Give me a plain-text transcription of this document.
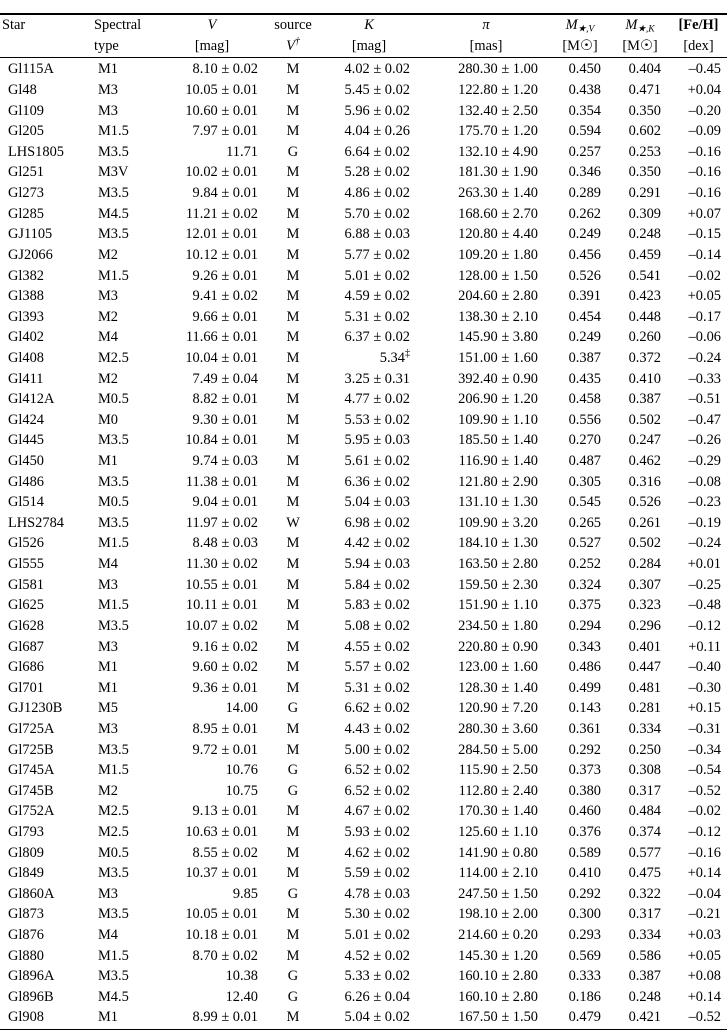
Star	Spectral	V	source	K	π	$M_{★,V}$	$M_{★,K}$	[Fe/H]
	type	[mag]	V†	[mag]	[mas]	[M☉]	[M☉]	[dex]
Gl115A	M1	8.10 ± 0.02	M	4.02 ± 0.02	280.30 ± 1.00	0.450	0.404	–0.45
Gl48	M3	10.05 ± 0.01	M	5.45 ± 0.02	122.80 ± 1.20	0.438	0.471	+0.04
Gl109	M3	10.60 ± 0.01	M	5.96 ± 0.02	132.40 ± 2.50	0.354	0.350	–0.20
Gl205	M1.5	7.97 ± 0.01	M	4.04 ± 0.26	175.70 ± 1.20	0.594	0.602	–0.09
LHS1805	M3.5	11.71	G	6.64 ± 0.02	132.10 ± 4.90	0.257	0.253	–0.16
Gl251	M3V	10.02 ± 0.01	M	5.28 ± 0.02	181.30 ± 1.90	0.346	0.350	–0.16
Gl273	M3.5	9.84 ± 0.01	M	4.86 ± 0.02	263.30 ± 1.40	0.289	0.291	–0.16
Gl285	M4.5	11.21 ± 0.02	M	5.70 ± 0.02	168.60 ± 2.70	0.262	0.309	+0.07
GJ1105	M3.5	12.01 ± 0.01	M	6.88 ± 0.03	120.80 ± 4.40	0.249	0.248	–0.15
GJ2066	M2	10.12 ± 0.01	M	5.77 ± 0.02	109.20 ± 1.80	0.456	0.459	–0.14
Gl382	M1.5	9.26 ± 0.01	M	5.01 ± 0.02	128.00 ± 1.50	0.526	0.541	–0.02
Gl388	M3	9.41 ± 0.02	M	4.59 ± 0.02	204.60 ± 2.80	0.391	0.423	+0.05
Gl393	M2	9.66 ± 0.01	M	5.31 ± 0.02	138.30 ± 2.10	0.454	0.448	–0.17
Gl402	M4	11.66 ± 0.01	M	6.37 ± 0.02	145.90 ± 3.80	0.249	0.260	–0.06
Gl408	M2.5	10.04 ± 0.01	M	5.34‡	151.00 ± 1.60	0.387	0.372	–0.24
Gl411	M2	7.49 ± 0.04	M	3.25 ± 0.31	392.40 ± 0.90	0.435	0.410	–0.33
Gl412A	M0.5	8.82 ± 0.01	M	4.77 ± 0.02	206.90 ± 1.20	0.458	0.387	–0.51
Gl424	M0	9.30 ± 0.01	M	5.53 ± 0.02	109.90 ± 1.10	0.556	0.502	–0.47
Gl445	M3.5	10.84 ± 0.01	M	5.95 ± 0.03	185.50 ± 1.40	0.270	0.247	–0.26
Gl450	M1	9.74 ± 0.03	M	5.61 ± 0.02	116.90 ± 1.40	0.487	0.462	–0.29
Gl486	M3.5	11.38 ± 0.01	M	6.36 ± 0.02	121.80 ± 2.90	0.305	0.316	–0.08
Gl514	M0.5	9.04 ± 0.01	M	5.04 ± 0.03	131.10 ± 1.30	0.545	0.526	–0.23
LHS2784	M3.5	11.97 ± 0.02	W	6.98 ± 0.02	109.90 ± 3.20	0.265	0.261	–0.19
Gl526	M1.5	8.48 ± 0.03	M	4.42 ± 0.02	184.10 ± 1.30	0.527	0.502	–0.24
Gl555	M4	11.30 ± 0.02	M	5.94 ± 0.03	163.50 ± 2.80	0.252	0.284	+0.01
Gl581	M3	10.55 ± 0.01	M	5.84 ± 0.02	159.50 ± 2.30	0.324	0.307	–0.25
Gl625	M1.5	10.11 ± 0.01	M	5.83 ± 0.02	151.90 ± 1.10	0.375	0.323	–0.48
Gl628	M3.5	10.07 ± 0.02	M	5.08 ± 0.02	234.50 ± 1.80	0.294	0.296	–0.12
Gl687	M3	9.16 ± 0.02	M	4.55 ± 0.02	220.80 ± 0.90	0.343	0.401	+0.11
Gl686	M1	9.60 ± 0.02	M	5.57 ± 0.02	123.00 ± 1.60	0.486	0.447	–0.40
Gl701	M1	9.36 ± 0.01	M	5.31 ± 0.02	128.30 ± 1.40	0.499	0.481	–0.30
GJ1230B	M5	14.00	G	6.62 ± 0.02	120.90 ± 7.20	0.143	0.281	+0.15
Gl725A	M3	8.95 ± 0.01	M	4.43 ± 0.02	280.30 ± 3.60	0.361	0.334	–0.31
Gl725B	M3.5	9.72 ± 0.01	M	5.00 ± 0.02	284.50 ± 5.00	0.292	0.250	–0.34
Gl745A	M1.5	10.76	G	6.52 ± 0.02	115.90 ± 2.50	0.373	0.308	–0.54
Gl745B	M2	10.75	G	6.52 ± 0.02	112.80 ± 2.40	0.380	0.317	–0.52
Gl752A	M2.5	9.13 ± 0.01	M	4.67 ± 0.02	170.30 ± 1.40	0.460	0.484	–0.02
Gl793	M2.5	10.63 ± 0.01	M	5.93 ± 0.02	125.60 ± 1.10	0.376	0.374	–0.12
Gl809	M0.5	8.55 ± 0.02	M	4.62 ± 0.02	141.90 ± 0.80	0.589	0.577	–0.16
Gl849	M3.5	10.37 ± 0.01	M	5.59 ± 0.02	114.00 ± 2.10	0.410	0.475	+0.14
Gl860A	M3	9.85	G	4.78 ± 0.03	247.50 ± 1.50	0.292	0.322	–0.04
Gl873	M3.5	10.05 ± 0.01	M	5.30 ± 0.02	198.10 ± 2.00	0.300	0.317	–0.21
Gl876	M4	10.18 ± 0.01	M	5.01 ± 0.02	214.60 ± 0.20	0.293	0.334	+0.03
Gl880	M1.5	8.70 ± 0.02	M	4.52 ± 0.02	145.30 ± 1.20	0.569	0.586	+0.05
Gl896A	M3.5	10.38	G	5.33 ± 0.02	160.10 ± 2.80	0.333	0.387	+0.08
Gl896B	M4.5	12.40	G	6.26 ± 0.04	160.10 ± 2.80	0.186	0.248	+0.14
Gl908	M1	8.99 ± 0.01	M	5.04 ± 0.02	167.50 ± 1.50	0.479	0.421	–0.52
